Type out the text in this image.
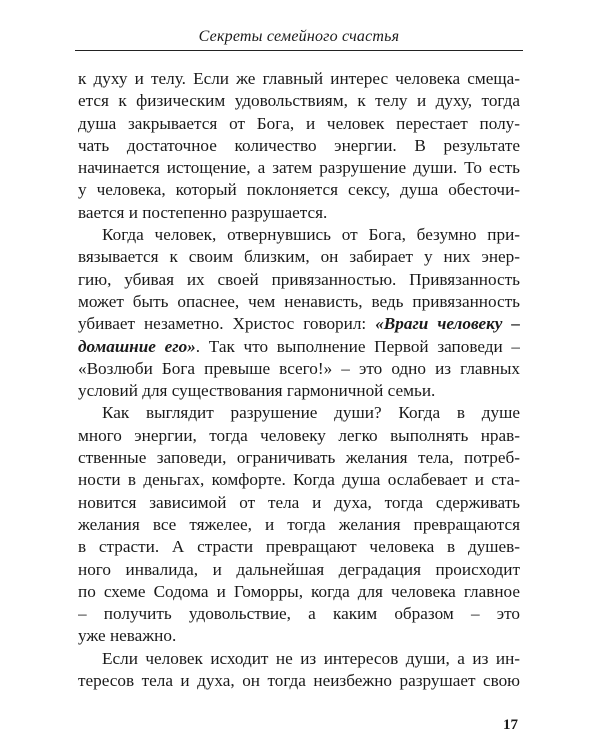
Секреты семейного счастья
к духу и телу. Если же главный интерес человека смеща-
ется к физическим удовольствиям, к телу и духу, тогда
душа закрывается от Бога, и человек перестает полу-
чать достаточное количество энергии. В результате
начинается истощение, а затем разрушение души. То есть
у человека, который поклоняется сексу, душа обесточи-
вается и постепенно разрушается.
Когда человек, отвернувшись от Бога, безумно при-
вязывается к своим близким, он забирает у них энер-
гию, убивая их своей привязанностью. Привязанность
может быть опаснее, чем ненависть, ведь привязанность
убивает незаметно. Христос говорил: «Враги человеку –
домашние его». Так что выполнение Первой заповеди –
«Возлюби Бога превыше всего!» – это одно из главных
условий для существования гармоничной семьи.
Как выглядит разрушение души? Когда в душе
много энергии, тогда человеку легко выполнять нрав-
ственные заповеди, ограничивать желания тела, потреб-
ности в деньгах, комфорте. Когда душа ослабевает и ста-
новится зависимой от тела и духа, тогда сдерживать
желания все тяжелее, и тогда желания превращаются
в страсти. А страсти превращают человека в душев-
ного инвалида, и дальнейшая деградация происходит
по схеме Содома и Гоморры, когда для человека главное
– получить удовольствие, а каким образом – это
уже неважно.
Если человек исходит не из интересов души, а из ин-
тересов тела и духа, он тогда неизбежно разрушает свою
17
